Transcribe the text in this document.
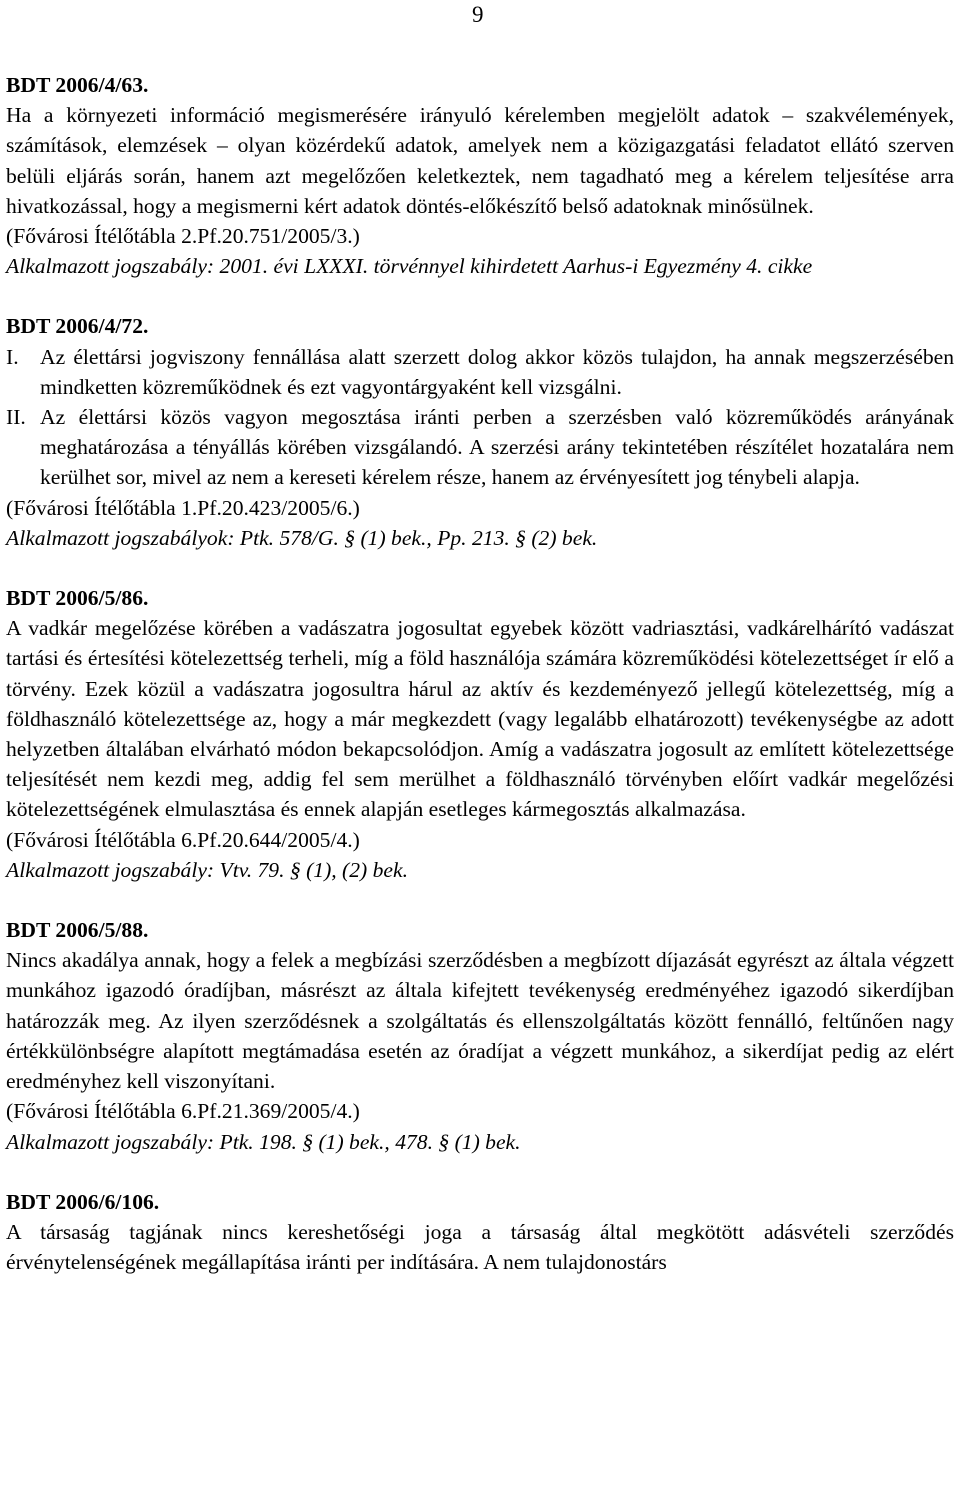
9
BDT 2006/4/63.
Ha a környezeti információ megismerésére irányuló kérelemben megjelölt adatok – szakvélemények, számítások, elemzések – olyan közérdekű adatok, amelyek nem a közigazgatási feladatot ellátó szerven belüli eljárás során, hanem azt megelőzően keletkeztek, nem tagadható meg a kérelem teljesítése arra hivatkozással, hogy a megismerni kért adatok döntés-előkészítő belső adatoknak minősülnek.
(Fővárosi Ítélőtábla 2.Pf.20.751/2005/3.)
Alkalmazott jogszabály: 2001. évi LXXXI. törvénnyel kihirdetett Aarhus-i Egyezmény 4. cikke
BDT 2006/4/72.
I. Az élettársi jogviszony fennállása alatt szerzett dolog akkor közös tulajdon, ha annak megszerzésében mindketten közreműködnek és ezt vagyontárgyaként kell vizsgálni.
II. Az élettársi közös vagyon megosztása iránti perben a szerzésben való közreműködés arányának meghatározása a tényállás körében vizsgálandó. A szerzési arány tekintetében részítélet hozatalára nem kerülhet sor, mivel az nem a kereseti kérelem része, hanem az érvényesített jog ténybeli alapja.
(Fővárosi Ítélőtábla 1.Pf.20.423/2005/6.)
Alkalmazott jogszabályok: Ptk. 578/G. § (1) bek., Pp. 213. § (2) bek.
BDT 2006/5/86.
A vadkár megelőzése körében a vadászatra jogosultat egyebek között vadriasztási, vadkárelhárító vadászat tartási és értesítési kötelezettség terheli, míg a föld használója számára közreműködési kötelezettséget ír elő a törvény. Ezek közül a vadászatra jogosultra hárul az aktív és kezdeményező jellegű kötelezettség, míg a földhasználó kötelezettsége az, hogy a már megkezdett (vagy legalább elhatározott) tevékenységbe az adott helyzetben általában elvárható módon bekapcsolódjon. Amíg a vadászatra jogosult az említett kötelezettsége teljesítését nem kezdi meg, addig fel sem merülhet a földhasználó törvényben előírt vadkár megelőzési kötelezettségének elmulasztása és ennek alapján esetleges kármegosztás alkalmazása.
(Fővárosi Ítélőtábla 6.Pf.20.644/2005/4.)
Alkalmazott jogszabály: Vtv. 79. § (1), (2) bek.
BDT 2006/5/88.
Nincs akadálya annak, hogy a felek a megbízási szerződésben a megbízott díjazását egyrészt az általa végzett munkához igazodó óradíjban, másrészt az általa kifejtett tevékenység eredményéhez igazodó sikerdíjban határozzák meg. Az ilyen szerződésnek a szolgáltatás és ellenszolgáltatás között fennálló, feltűnően nagy értékkülönbségre alapított megtámadása esetén az óradíjat a végzett munkához, a sikerdíjat pedig az elért eredményhez kell viszonyítani.
(Fővárosi Ítélőtábla 6.Pf.21.369/2005/4.)
Alkalmazott jogszabály: Ptk. 198. § (1) bek., 478. § (1) bek.
BDT 2006/6/106.
A társaság tagjának nincs kereshetőségi joga a társaság által megkötött adásvételi szerződés érvénytelenségének megállapítása iránti per indítására. A nem tulajdonostárs
